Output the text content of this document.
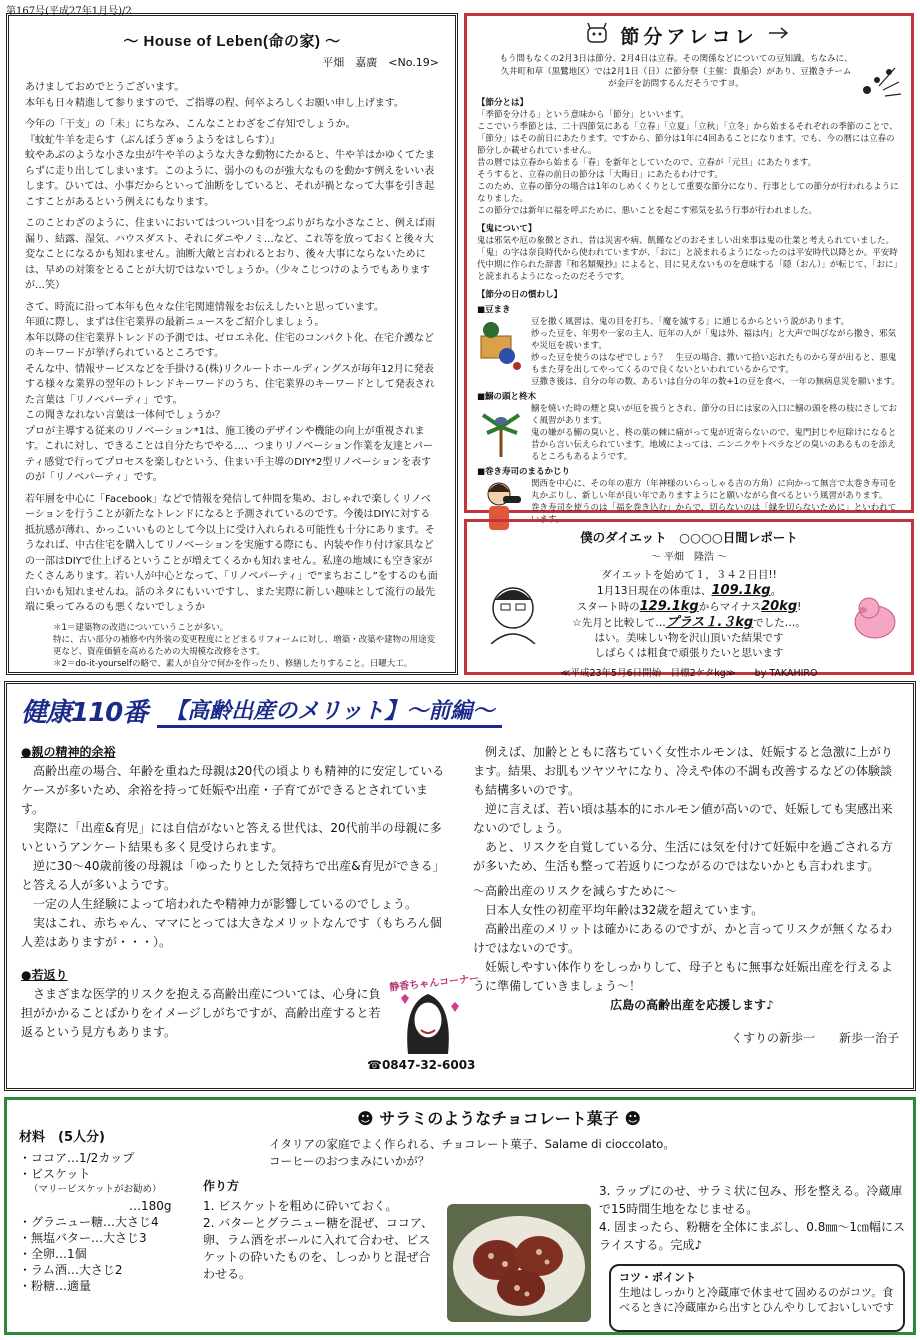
第167号(平成27年1月号)/2
～ House of Leben(命の家) ～
平畑　嘉廣　<No.19>

あけましておめでとうございます。
本年も日々精進して参りますので、ご指導の程、何卒よろしくお願い申し上げます。

今年の「干支」の「未」にちなみ、こんなことわざをご存知でしょうか。
『蚊虻牛羊を走らす（ぶんぼうぎゅうようをはしらす）』
蚊やあぶのような小さな虫が牛や羊のような大きな動物にたかると、牛や羊はかゆくてたまらずに走り出してしまいます。このように、弱小のものが強大なものを動かす例えをいい表します。ひいては、小事だからといって油断をしていると、それが禍となって大事を引き起こすことがあるという例えにもなります。

このことわざのように、住まいにおいてはついつい目をつぶりがちな小さなこと、例えば雨漏り、結露、湿気、ハウスダスト、それにダニやノミ…など、これ等を放っておくと後々大変なことになるかも知れません。油断大敵と言われるとおり、後々大事にならないためには、早めの対策をとることが大切ではないでしょうか。（少々こじつけのようでもありますが…笑）

さて、時流に沿って本年も色々な住宅関連情報をお伝えしたいと思っています。
年頭に際し、まずは住宅業界の最新ニュースをご紹介しましょう。
本年以降の住宅業界トレンドの予測では、ゼロエネ化、住宅のコンパクト化、在宅介護などのキーワードが挙げられているところです。
そんな中、情報サービスなどを手掛ける(株)リクルートホールディングスが毎年12月に発表する様々な業界の翌年のトレンドキーワードのうち、住宅業界のキーワードとして発表された言葉は「リノベパーティ」です。
この聞きなれない言葉は一体何でしょうか？
プロが主導する従来のリノベーション*1は、施工後のデザインや機能の向上が重視されます。これに対し、できることは自分たちでやる…、つまりリノベーション作業を友達とパーティ感覚で行ってプロセスを楽しむという、住まい手主導のDIY*2型リノベーションを表すのが「リノベパーティ」です。

若年層を中心に「Facebook」などで情報を発信して仲間を集め、おしゃれで楽しくリノベーションを行うことが新たなトレンドになると予測されているのです。今後はDIYに対する抵抗感が薄れ、かっこいいものとして今以上に受け入れられる可能性も十分にあります。そうなれば、中古住宅を購入してリノベーションを実施する際にも、内装や作り付け家具などの一部はDIYで仕上げるということが増えてくるかも知れません。私達の地域にも空き家がたくさんあります。若い人が中心となって、「リノベパーティ」で“まちおこし”をするのも面白いかも知れませんね。話のネタにもいいですし、また実際に新しい趣味として流行の最先端に乗ってみるのも悪くないでしょうか

＊1＝建築物の改造についていうことが多い。
特に、古い部分の補修や内外装の変更程度にとどまるリフォームに対し、増築・改築や建物の用途変更など、資産価値を高めるための大規模な改修をさす。
＊2＝do-it-yourselfの略で、素人が自分で何かを作ったり、修繕したりすること。日曜大工。
節分アレコレ
もう間もなくの2月3日は節分、2月4日は立春。その関係などについての豆知識。ちなみに、久井町和草（黒鷺地区）では2月1日（日）に節分祭（主催：貴船会）があり、豆撒きチームが金戸を訪問するんだそうですヨ。
【節分とは】
「季節を分ける」という意味から「節分」といいます。
ここでいう季節とは、二十四節気にある「立春」「立夏」「立秋」「立冬」から始まるそれぞれの季節のことで、「節分」はその前日にあたります。ですから、節分は1年に4回あることになります。でも、今の暦には立春の節分しか載せられていません。
昔の暦では立春から始まる「春」を新年としていたので、立春が「元旦」にあたります。
そうすると、立春の前日の節分は「大晦日」にあたるわけです。
このため、立春の節分の場合は1年のしめくくりとして重要な節分になり、行事としての節分が行われるようになりました。
この節分では新年に福を呼ぶために、悪いことを起こす邪気を払う行事が行われました。
【鬼について】
鬼は邪気や厄の象徴とされ、昔は災害や病、飢饉などのおそましい出来事は鬼の仕業と考えられていました。
「鬼」の字は奈良時代から使われていますが、「おに」と読まれるようになったのは平安時代以降とか。平安時代中期に作られた辞書『和名類聚抄』によると、目に見えないものを意味する「隠（おん）」が転じて、「おに」と読まれるようになったのだそうです。
【節分の日の慣わし】
■豆まき
豆を撒く風習は、鬼の目を打ち、「魔を滅する」に通じるからという説があります。
炒った豆を、年男や一家の主人、厄年の人が「鬼は外、福は内」と大声で叫びながら撒き、邪気や災厄を祓います。
炒った豆を使うのはなぜでしょう？　生豆の場合、撒いて拾い忘れたものから芽が出ると、悪鬼もまた芽を出してやってくるので良くないといわれているからです。
豆撒き後は、自分の年の数、あるいは自分の年の数+1の豆を食べ、一年の無病息災を願います。
■鰯の頭と柊木
鰯を焼いた時の煙と臭いが厄を祓うとされ、節分の日には家の入口に鰯の頭を柊の枝にさしておく風習があります。
鬼の嫌がる鰯の臭いと、柊の葉の棘に痛がって鬼が近寄らないので、鬼門封じや厄除けになると昔から言い伝えられています。地域によっては、ニンニクやトベラなどの臭いのあるものを添えるところもあるようです。
■巻き寿司のまるかじり
関西を中心に、その年の恵方（年神様のいらっしゃる吉の方角）に向かって無言で太巻き寿司を丸かぶりし、新しい年が良い年でありますようにと願いながら食べるという風習があります。
巻き寿司を使うのは「福を巻き込む」からで、切らないのは「縁を切らないために」といわれています。
僕のダイエット　○○○○日間レポート
～ 平畑　隆浩 ～
ダイエットを始めて１，３４２日目!!
1月13日現在の体重は、109.1kg。
スタート時の129.1kgからマイナス20kg!
☆先月と比較して…プラス１.３kgでした…。
はい。美味しい物を沢山頂いた結果です
しばらくは粗食で頑張りたいと思います
≪平成23年5月6日開始　目標2ケタkg≫　　by TAKAHIRO
健康110番 【高齢出産のメリット】～前編～

●親の精神的余裕

高齢出産の場合、年齢を重ねた母親は20代の頃よりも精神的に安定しているケースが多いため、余裕を持って妊娠や出産・子育てができるとされています。

実際に「出産&育児」には自信がないと答える世代は、20代前半の母親に多いというアンケート結果も多く見受けられます。

逆に30～40歳前後の母親は「ゆったりとした気持ちで出産&育児ができる」と答える人が多いようです。

一定の人生経験によって培われたや精神力が影響しているのでしょう。

実はこれ、赤ちゃん、ママにとっては大きなメリットなんです（もちろん個人差はありますが・・・）。

●若返り

さまざまな医学的リスクを抱える高齢出産については、心身に負担がかかることばかりをイメージしがちですが、高齢出産すると若返るという見方もあります。

例えば、加齢とともに落ちていく女性ホルモンは、妊娠すると急激に上がります。結果、お肌もツヤツヤになり、冷えや体の不調も改善するなどの体験談も結構多いのです。

逆に言えば、若い頃は基本的にホルモン値が高いので、妊娠しても実感出来ないのでしょう。

あと、リスクを自覚している分、生活には気を付けて妊娠中を過ごされる方が多いため、生活も整って若返りにつながるのではないかとも言われます。

～高齢出産のリスクを減らすために～

日本人女性の初産平均年齢は32歳を超えています。

高齢出産のメリットは確かにあるのですが、かと言ってリスクが無くなるわけではないのです。

妊娠しやすい体作りをしっかりして、母子ともに無事な妊娠出産を行えるように準備していきましょう～！

広島の高齢出産を応援します♪

くすりの新歩一　　新歩一治子

静香ちゃんコーナー
☎0847-32-6003
☻ サラミのようなチョコレート菓子 ☻
イタリアの家庭でよく作られる、チョコレート菓子、Salame di cioccolato。
コーヒーのおつまみにいかが？
材料　(5人分)
・ココア…1/2カップ
・ビスケット
（マリービスケットがお勧め）
…180g
・グラニュー糖…大さじ4
・無塩バター…大さじ3
・全卵…1個
・ラム酒…大さじ2
・粉糖…適量
作り方
1. ビスケットを粗めに砕いておく。
2. バターとグラニュー糖を混ぜ、ココア、卵、ラム酒をボールに入れて合わせ、ビスケットの砕いたものを、しっかりと混ぜ合わせる。
3. ラップにのせ、サラミ状に包み、形を整える。冷蔵庫で15時間生地をなじませる。
4. 固まったら、粉糖を全体にまぶし、0.8㎜～1㎝幅にスライスする。完成♪
コツ・ポイント
生地はしっかりと冷蔵庫で休ませて固めるのがコツ。食べるときに冷蔵庫から出すとひんやりしておいしいです
